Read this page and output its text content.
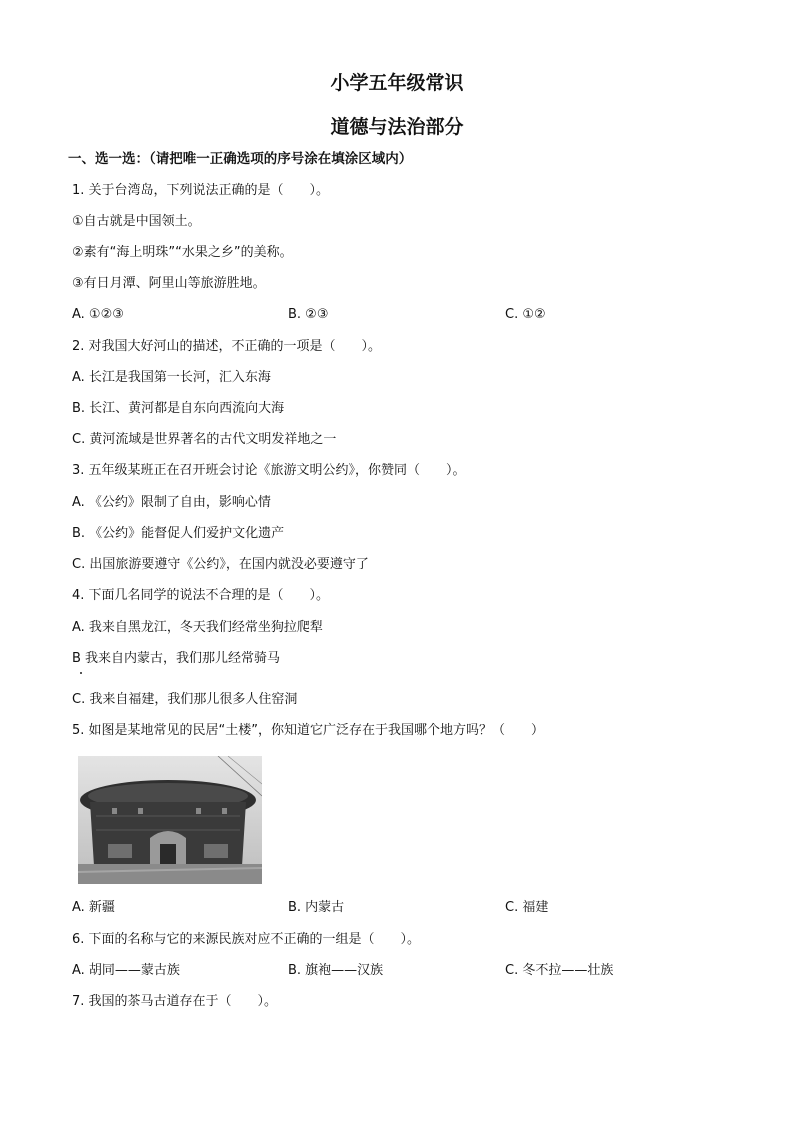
小学五年级常识
道德与法治部分
一、选一选：（请把唯一正确选项的序号涂在填涂区域内）
1. 关于台湾岛，下列说法正确的是（　　）。
①自古就是中国领土。
②素有“海上明珠”“水果之乡”的美称。
③有日月潭、阿里山等旅游胜地。
A. ①②③	B. ②③	C. ①②
2. 对我国大好河山的描述，不正确的一项是（　　）。
A. 长江是我国第一长河，汇入东海
B. 长江、黄河都是自东向西流向大海
C. 黄河流域是世界著名的古代文明发祥地之一
3. 五年级某班正在召开班会讨论《旅游文明公约》，你赞同（　　）。
A. 《公约》限制了自由，影响心情
B. 《公约》能督促人们爱护文化遗产
C. 出国旅游要遵守《公约》，在国内就没必要遵守了
4. 下面几名同学的说法不合理的是（　　）。
A. 我来自黑龙江，冬天我们经常坐狗拉爬犁
B 我来自内蒙古，我们那儿经常骑马
C. 我来自福建，我们那儿很多人住窑洞
5. 如图是某地常见的民居“土楼”，你知道它广泛存在于我国哪个地方吗？（　　）
A. 新疆	B. 内蒙古	C. 福建
6. 下面的名称与它的来源民族对应不正确的一组是（　　）。
A. 胡同——蒙古族	B. 旗袍——汉族	C. 冬不拉——壮族
7. 我国的茶马古道存在于（　　）。
